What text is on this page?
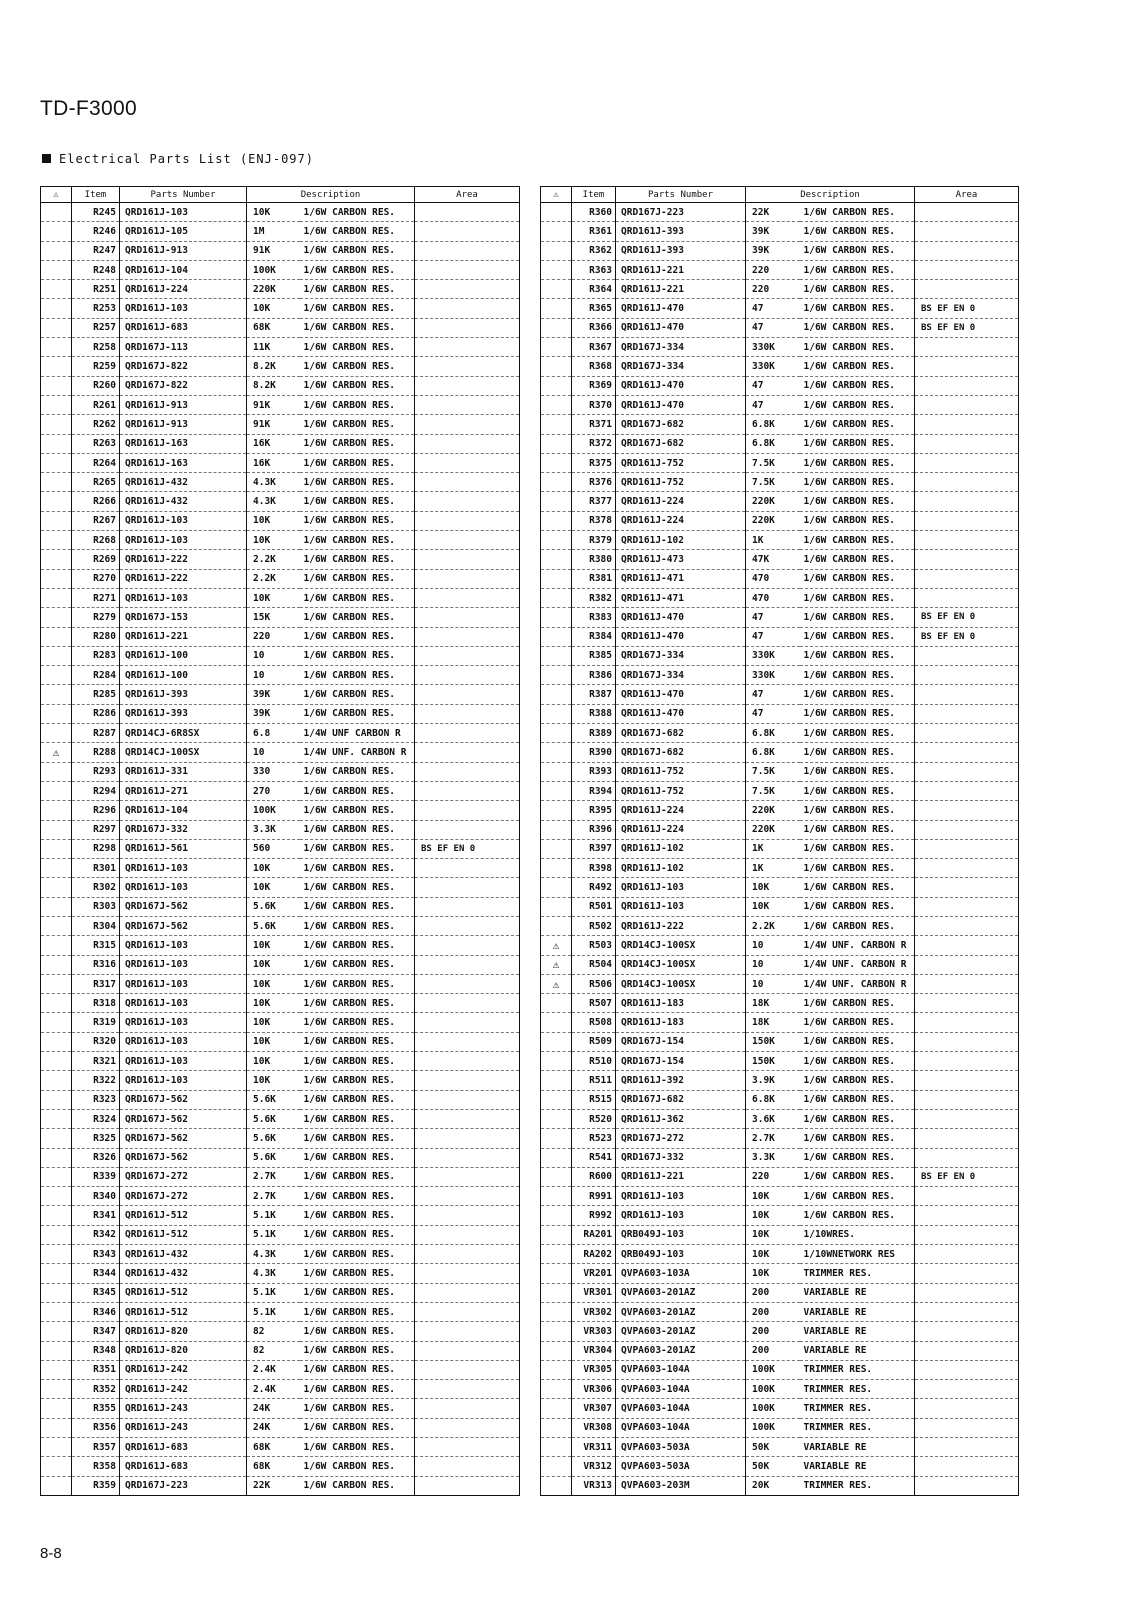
TD-F3000
Electrical Parts List (ENJ-097)
⚠	Item	Parts Number	Description		Area
	R245	QRD161J-103	10K	1/6W CARBON RES.	
	R246	QRD161J-105	1M	1/6W CARBON RES.	
	R247	QRD161J-913	91K	1/6W CARBON RES.	
	R248	QRD161J-104	100K	1/6W CARBON RES.	
	R251	QRD161J-224	220K	1/6W CARBON RES.	
	R253	QRD161J-103	10K	1/6W CARBON RES.	
	R257	QRD161J-683	68K	1/6W CARBON RES.	
	R258	QRD167J-113	11K	1/6W CARBON RES.	
	R259	QRD167J-822	8.2K	1/6W CARBON RES.	
	R260	QRD167J-822	8.2K	1/6W CARBON RES.	
	R261	QRD161J-913	91K	1/6W CARBON RES.	
	R262	QRD161J-913	91K	1/6W CARBON RES.	
	R263	QRD161J-163	16K	1/6W CARBON RES.	
	R264	QRD161J-163	16K	1/6W CARBON RES.	
	R265	QRD161J-432	4.3K	1/6W CARBON RES.	
	R266	QRD161J-432	4.3K	1/6W CARBON RES.	
	R267	QRD161J-103	10K	1/6W CARBON RES.	
	R268	QRD161J-103	10K	1/6W CARBON RES.	
	R269	QRD161J-222	2.2K	1/6W CARBON RES.	
	R270	QRD161J-222	2.2K	1/6W CARBON RES.	
	R271	QRD161J-103	10K	1/6W CARBON RES.	
	R279	QRD167J-153	15K	1/6W CARBON RES.	
	R280	QRD161J-221	220	1/6W CARBON RES.	
	R283	QRD161J-100	10	1/6W CARBON RES.	
	R284	QRD161J-100	10	1/6W CARBON RES.	
	R285	QRD161J-393	39K	1/6W CARBON RES.	
	R286	QRD161J-393	39K	1/6W CARBON RES.	
	R287	QRD14CJ-6R8SX	6.8	1/4W UNF CARBON R	
⚠	R288	QRD14CJ-100SX	10	1/4W UNF. CARBON R	
	R293	QRD161J-331	330	1/6W CARBON RES.	
	R294	QRD161J-271	270	1/6W CARBON RES.	
	R296	QRD161J-104	100K	1/6W CARBON RES.	
	R297	QRD167J-332	3.3K	1/6W CARBON RES.	
	R298	QRD161J-561	560	1/6W CARBON RES.	BS EF EN 0
	R301	QRD161J-103	10K	1/6W CARBON RES.	
	R302	QRD161J-103	10K	1/6W CARBON RES.	
	R303	QRD167J-562	5.6K	1/6W CARBON RES.	
	R304	QRD167J-562	5.6K	1/6W CARBON RES.	
	R315	QRD161J-103	10K	1/6W CARBON RES.	
	R316	QRD161J-103	10K	1/6W CARBON RES.	
	R317	QRD161J-103	10K	1/6W CARBON RES.	
	R318	QRD161J-103	10K	1/6W CARBON RES.	
	R319	QRD161J-103	10K	1/6W CARBON RES.	
	R320	QRD161J-103	10K	1/6W CARBON RES.	
	R321	QRD161J-103	10K	1/6W CARBON RES.	
	R322	QRD161J-103	10K	1/6W CARBON RES.	
	R323	QRD167J-562	5.6K	1/6W CARBON RES.	
	R324	QRD167J-562	5.6K	1/6W CARBON RES.	
	R325	QRD167J-562	5.6K	1/6W CARBON RES.	
	R326	QRD167J-562	5.6K	1/6W CARBON RES.	
	R339	QRD167J-272	2.7K	1/6W CARBON RES.	
	R340	QRD167J-272	2.7K	1/6W CARBON RES.	
	R341	QRD161J-512	5.1K	1/6W CARBON RES.	
	R342	QRD161J-512	5.1K	1/6W CARBON RES.	
	R343	QRD161J-432	4.3K	1/6W CARBON RES.	
	R344	QRD161J-432	4.3K	1/6W CARBON RES.	
	R345	QRD161J-512	5.1K	1/6W CARBON RES.	
	R346	QRD161J-512	5.1K	1/6W CARBON RES.	
	R347	QRD161J-820	82	1/6W CARBON RES.	
	R348	QRD161J-820	82	1/6W CARBON RES.	
	R351	QRD161J-242	2.4K	1/6W CARBON RES.	
	R352	QRD161J-242	2.4K	1/6W CARBON RES.	
	R355	QRD161J-243	24K	1/6W CARBON RES.	
	R356	QRD161J-243	24K	1/6W CARBON RES.	
	R357	QRD161J-683	68K	1/6W CARBON RES.	
	R358	QRD161J-683	68K	1/6W CARBON RES.	
	R359	QRD167J-223	22K	1/6W CARBON RES.	
⚠	Item	Parts Number	Description		Area
	R360	QRD167J-223	22K	1/6W CARBON RES.	
	R361	QRD161J-393	39K	1/6W CARBON RES.	
	R362	QRD161J-393	39K	1/6W CARBON RES.	
	R363	QRD161J-221	220	1/6W CARBON RES.	
	R364	QRD161J-221	220	1/6W CARBON RES.	
	R365	QRD161J-470	47	1/6W CARBON RES.	BS EF EN 0
	R366	QRD161J-470	47	1/6W CARBON RES.	BS EF EN 0
	R367	QRD167J-334	330K	1/6W CARBON RES.	
	R368	QRD167J-334	330K	1/6W CARBON RES.	
	R369	QRD161J-470	47	1/6W CARBON RES.	
	R370	QRD161J-470	47	1/6W CARBON RES.	
	R371	QRD167J-682	6.8K	1/6W CARBON RES.	
	R372	QRD167J-682	6.8K	1/6W CARBON RES.	
	R375	QRD161J-752	7.5K	1/6W CARBON RES.	
	R376	QRD161J-752	7.5K	1/6W CARBON RES.	
	R377	QRD161J-224	220K	1/6W CARBON RES.	
	R378	QRD161J-224	220K	1/6W CARBON RES.	
	R379	QRD161J-102	1K	1/6W CARBON RES.	
	R380	QRD161J-473	47K	1/6W CARBON RES.	
	R381	QRD161J-471	470	1/6W CARBON RES.	
	R382	QRD161J-471	470	1/6W CARBON RES.	
	R383	QRD161J-470	47	1/6W CARBON RES.	BS EF EN 0
	R384	QRD161J-470	47	1/6W CARBON RES.	BS EF EN 0
	R385	QRD167J-334	330K	1/6W CARBON RES.	
	R386	QRD167J-334	330K	1/6W CARBON RES.	
	R387	QRD161J-470	47	1/6W CARBON RES.	
	R388	QRD161J-470	47	1/6W CARBON RES.	
	R389	QRD167J-682	6.8K	1/6W CARBON RES.	
	R390	QRD167J-682	6.8K	1/6W CARBON RES.	
	R393	QRD161J-752	7.5K	1/6W CARBON RES.	
	R394	QRD161J-752	7.5K	1/6W CARBON RES.	
	R395	QRD161J-224	220K	1/6W CARBON RES.	
	R396	QRD161J-224	220K	1/6W CARBON RES.	
	R397	QRD161J-102	1K	1/6W CARBON RES.	
	R398	QRD161J-102	1K	1/6W CARBON RES.	
	R492	QRD161J-103	10K	1/6W CARBON RES.	
	R501	QRD161J-103	10K	1/6W CARBON RES.	
	R502	QRD161J-222	2.2K	1/6W CARBON RES.	
⚠	R503	QRD14CJ-100SX	10	1/4W UNF. CARBON R	
⚠	R504	QRD14CJ-100SX	10	1/4W UNF. CARBON R	
⚠	R506	QRD14CJ-100SX	10	1/4W UNF. CARBON R	
	R507	QRD161J-183	18K	1/6W CARBON RES.	
	R508	QRD161J-183	18K	1/6W CARBON RES.	
	R509	QRD167J-154	150K	1/6W CARBON RES.	
	R510	QRD167J-154	150K	1/6W CARBON RES.	
	R511	QRD161J-392	3.9K	1/6W CARBON RES.	
	R515	QRD167J-682	6.8K	1/6W CARBON RES.	
	R520	QRD161J-362	3.6K	1/6W CARBON RES.	
	R523	QRD167J-272	2.7K	1/6W CARBON RES.	
	R541	QRD167J-332	3.3K	1/6W CARBON RES.	
	R600	QRD161J-221	220	1/6W CARBON RES.	BS EF EN 0
	R991	QRD161J-103	10K	1/6W CARBON RES.	
	R992	QRD161J-103	10K	1/6W CARBON RES.	
	RA201	QRB049J-103	10K	1/10WRES.	
	RA202	QRB049J-103	10K	1/10WNETWORK RES	
	VR201	QVPA603-103A	10K	TRIMMER RES.	
	VR301	QVPA603-201AZ	200	VARIABLE RE	
	VR302	QVPA603-201AZ	200	VARIABLE RE	
	VR303	QVPA603-201AZ	200	VARIABLE RE	
	VR304	QVPA603-201AZ	200	VARIABLE RE	
	VR305	QVPA603-104A	100K	TRIMMER RES.	
	VR306	QVPA603-104A	100K	TRIMMER RES.	
	VR307	QVPA603-104A	100K	TRIMMER RES.	
	VR308	QVPA603-104A	100K	TRIMMER RES.	
	VR311	QVPA603-503A	50K	VARIABLE RE	
	VR312	QVPA603-503A	50K	VARIABLE RE	
	VR313	QVPA603-203M	20K	TRIMMER RES.	
8-8
